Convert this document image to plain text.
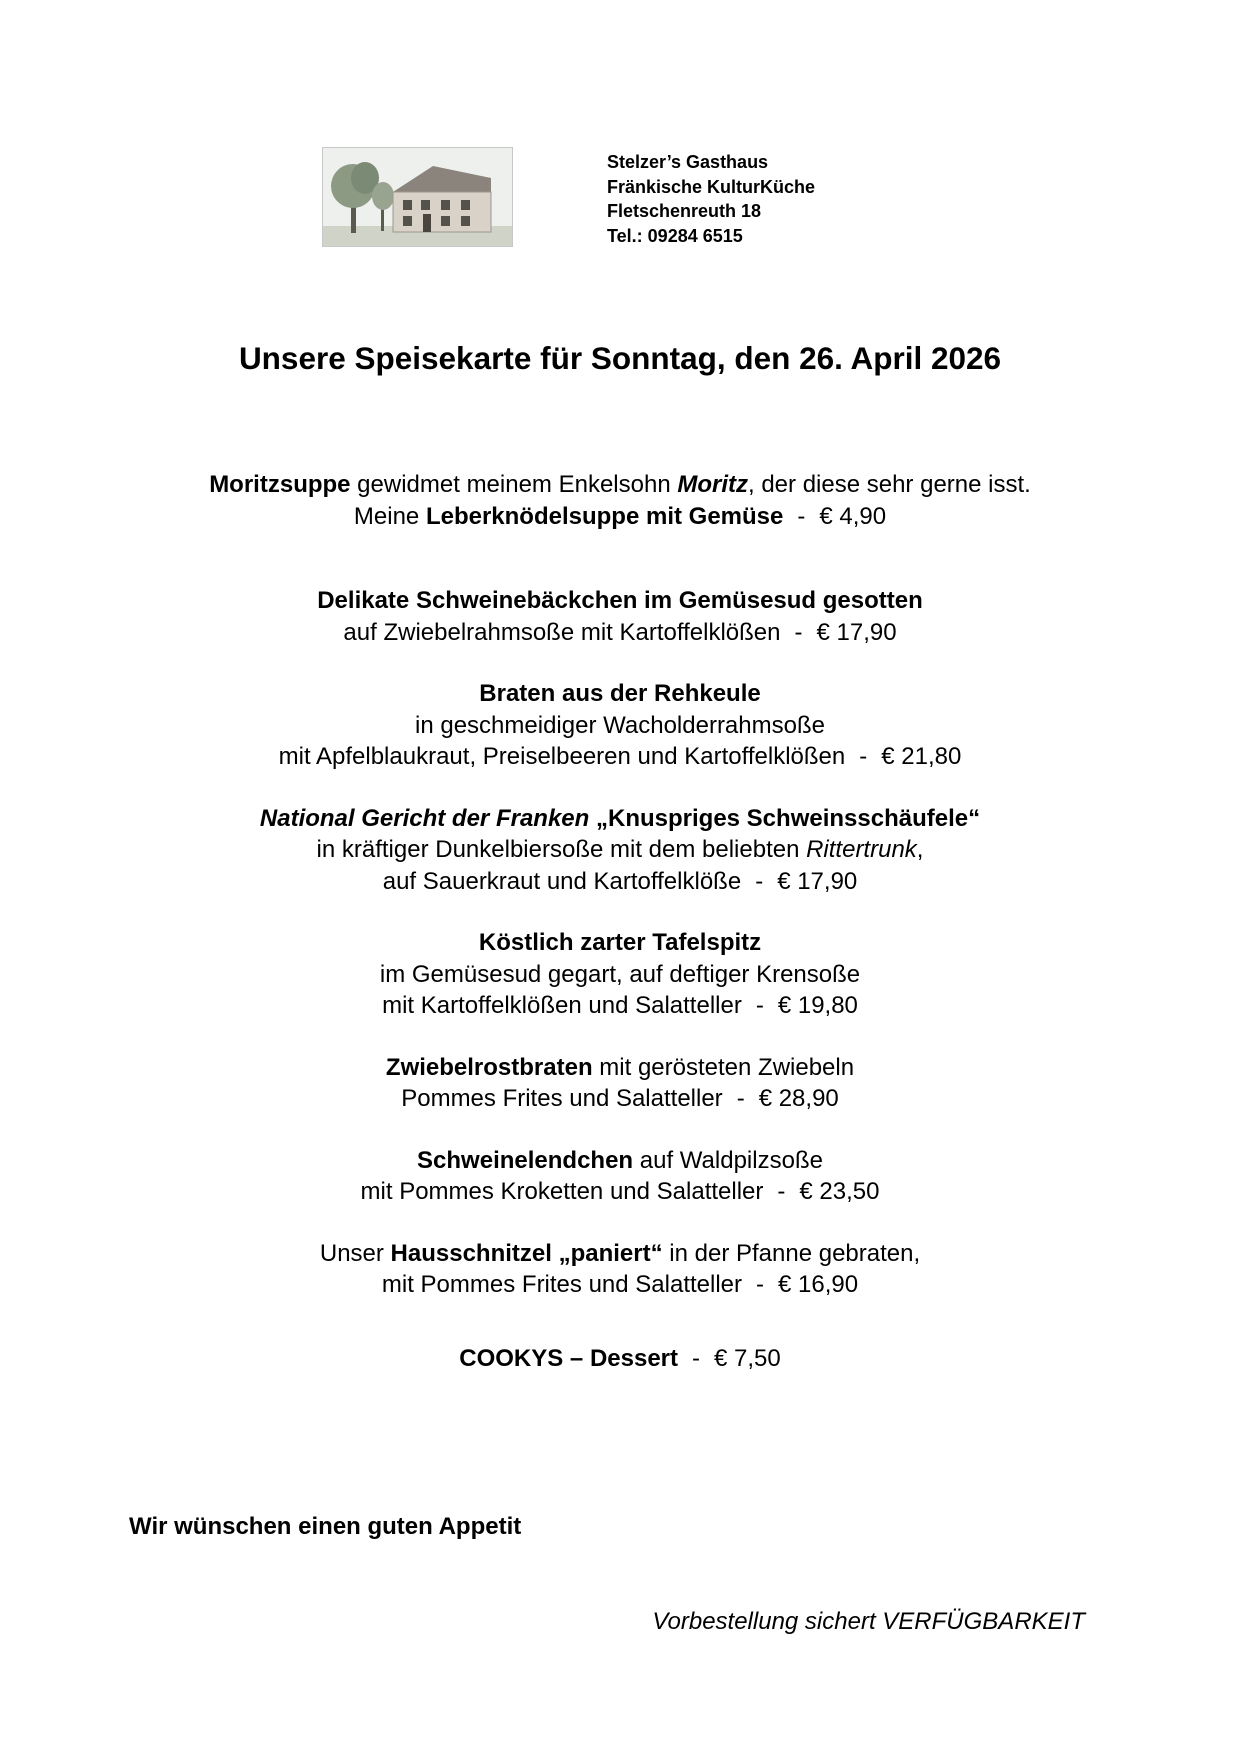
Stelzer’s Gasthaus
Fränkische KulturKüche
Fletschenreuth 18
Tel.: 09284 6515
Unsere Speisekarte für Sonntag, den 26. April 2026

Moritzsuppe gewidmet meinem Enkelsohn Moritz, der diese sehr gerne isst.

Meine Leberknödelsuppe mit Gemüse - € 4,90

Delikate Schweinebäckchen im Gemüsesud gesotten

auf Zwiebelrahmsoße mit Kartoffelklößen - € 17,90

Braten aus der Rehkeule

in geschmeidiger Wacholderrahmsoße

mit Apfelblaukraut, Preiselbeeren und Kartoffelklößen - € 21,80

National Gericht der Franken „Knuspriges Schweinsschäufele“

in kräftiger Dunkelbiersoße mit dem beliebten Rittertrunk,

auf Sauerkraut und Kartoffelklöße - € 17,90

Köstlich zarter Tafelspitz

im Gemüsesud gegart, auf deftiger Krensoße

mit Kartoffelklößen und Salatteller - € 19,80

Zwiebelrostbraten mit gerösteten Zwiebeln

Pommes Frites und Salatteller - € 28,90

Schweinelendchen auf Waldpilzsoße

mit Pommes Kroketten und Salatteller - € 23,50

Unser Hausschnitzel „paniert“ in der Pfanne gebraten,

mit Pommes Frites und Salatteller - € 16,90

COOKYS – Dessert - € 7,50

Wir wünschen einen guten Appetit
Vorbestellung sichert VERFÜGBARKEIT
